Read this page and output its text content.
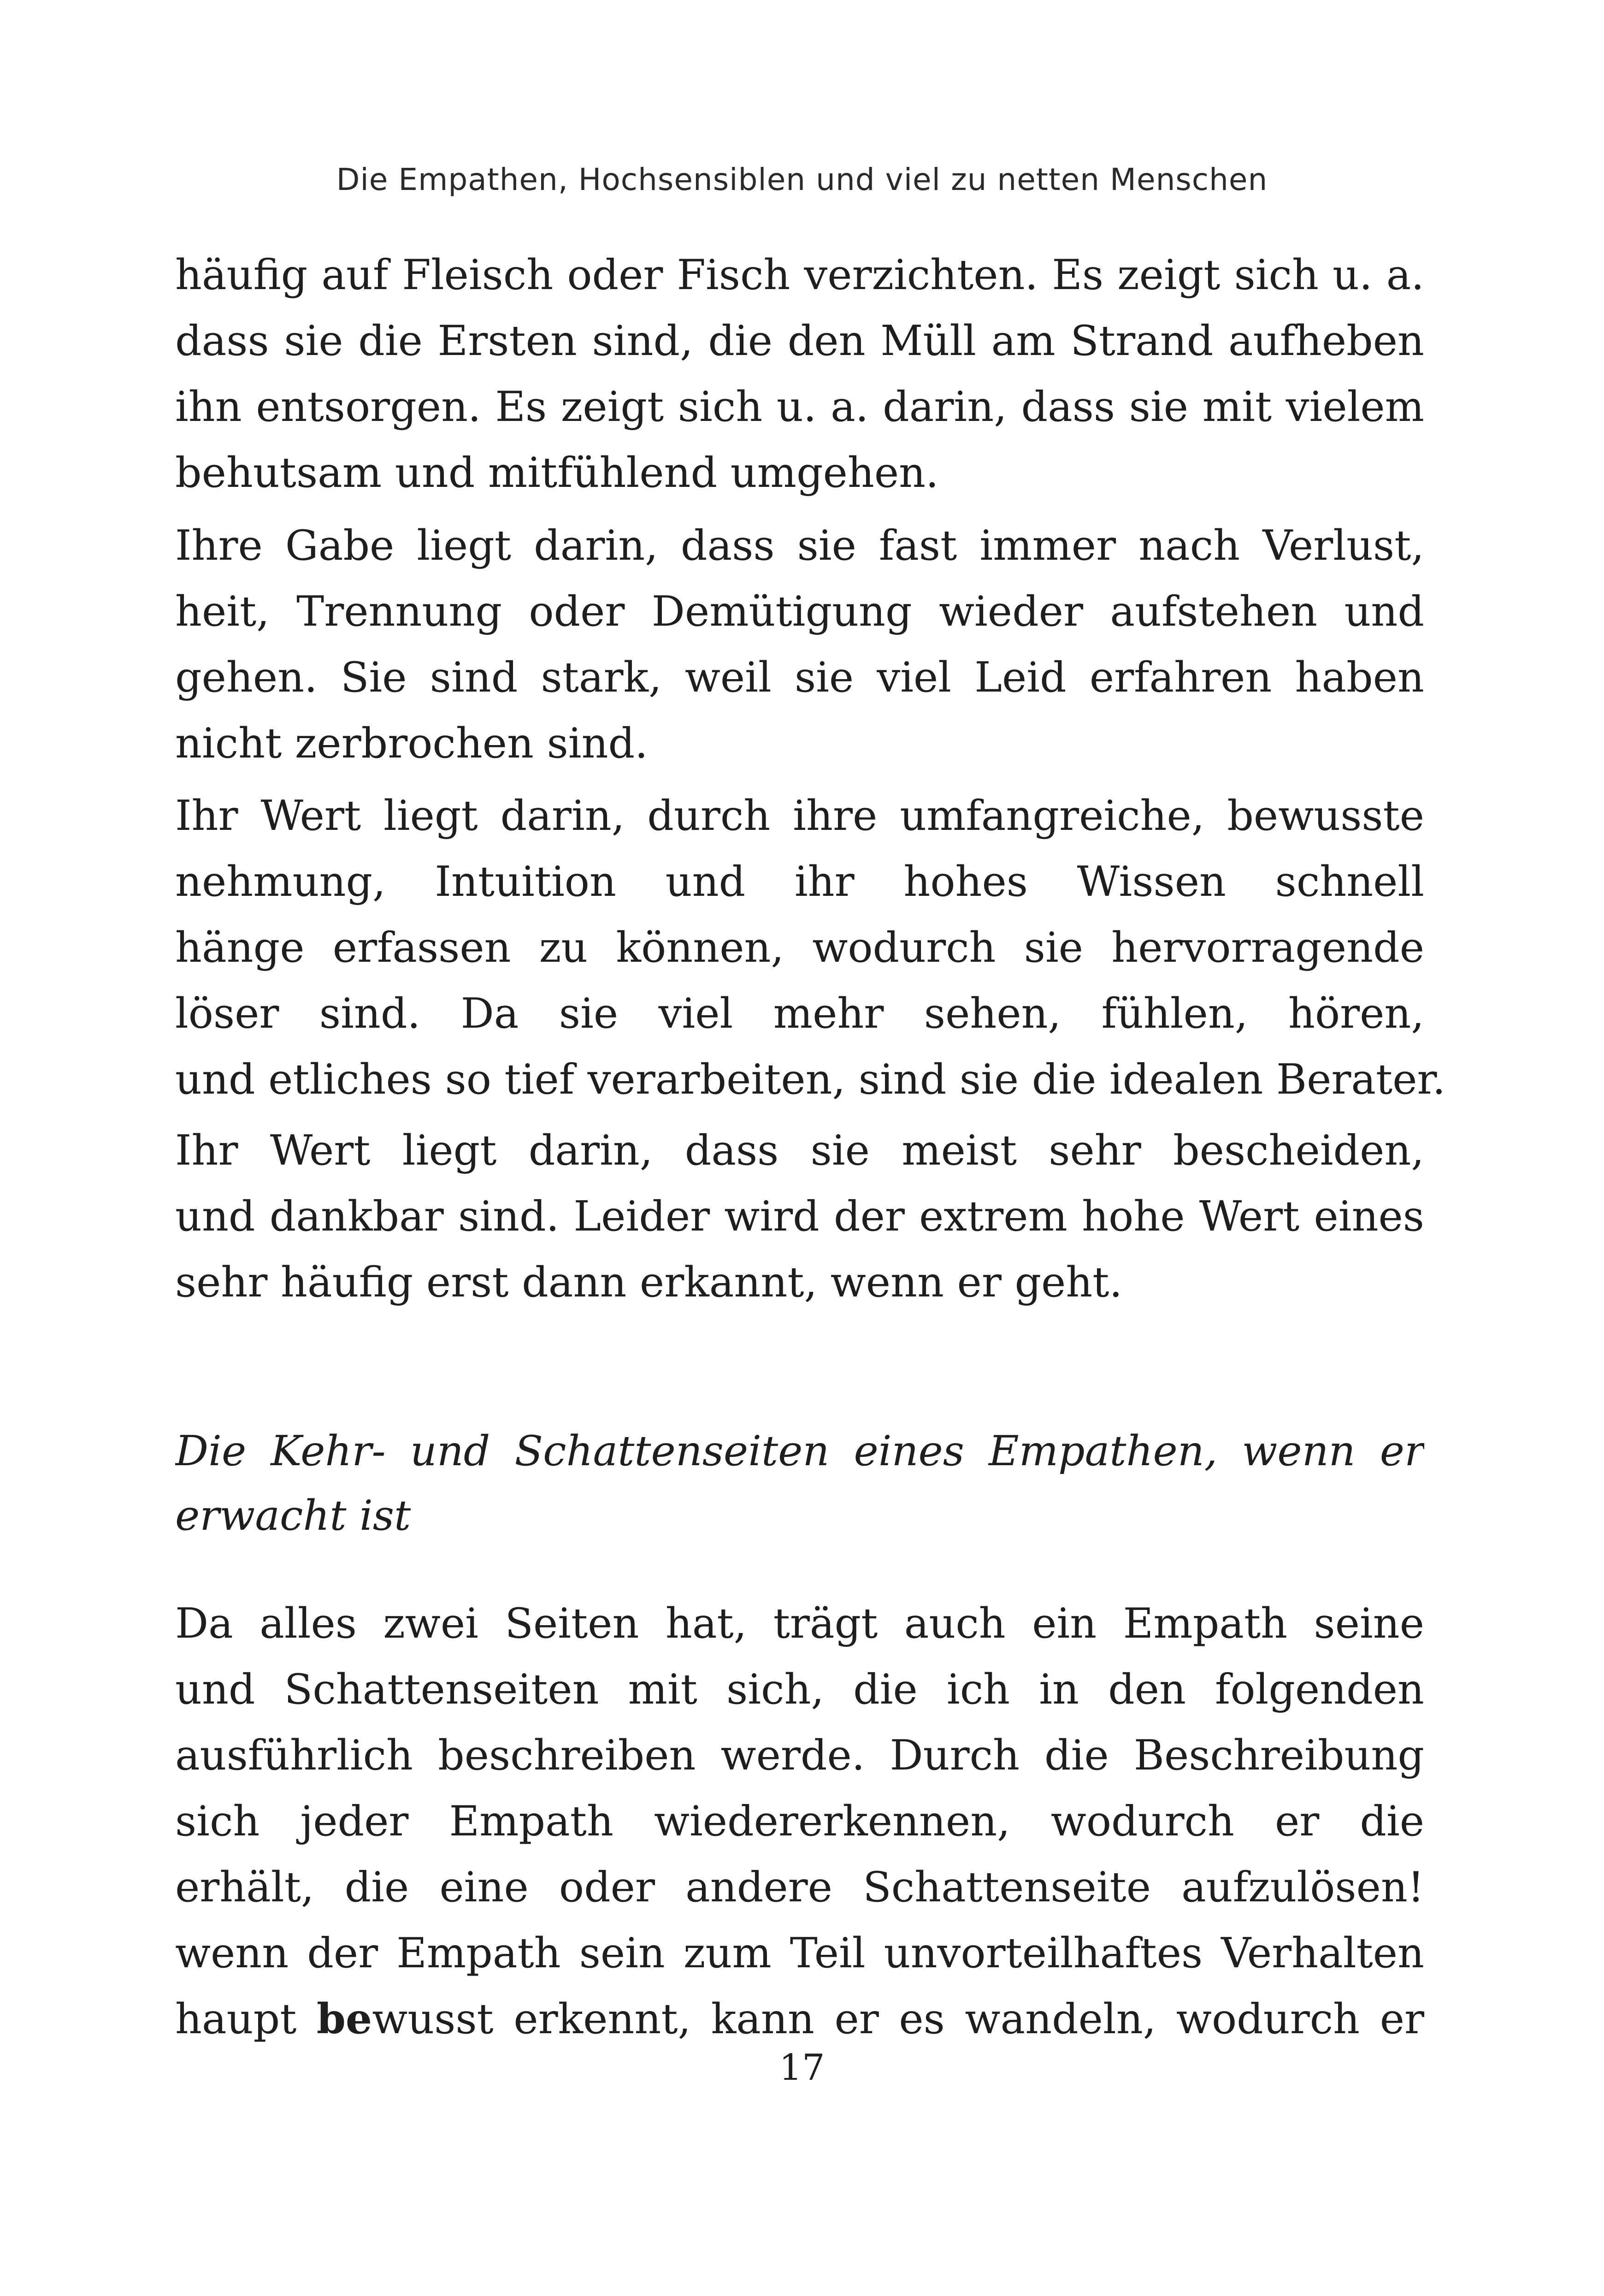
Die Empathen, Hochsensiblen und viel zu netten Menschen
häufig auf Fleisch oder Fisch verzichten. Es zeigt sich u. a.
dass sie die Ersten sind, die den Müll am Strand aufheben
ihn entsorgen. Es zeigt sich u. a. darin, dass sie mit vielem
behutsam und mitfühlend umgehen.
Ihre Gabe liegt darin, dass sie fast immer nach Verlust,
heit, Trennung oder Demütigung wieder aufstehen und
gehen. Sie sind stark, weil sie viel Leid erfahren haben
nicht zerbrochen sind.
Ihr Wert liegt darin, durch ihre umfangreiche, bewusste
nehmung, Intuition und ihr hohes Wissen schnell
hänge erfassen zu können, wodurch sie hervorragende
löser sind. Da sie viel mehr sehen, fühlen, hören,
und etliches so tief verarbeiten, sind sie die idealen Berater.
Ihr Wert liegt darin, dass sie meist sehr bescheiden,
und dankbar sind. Leider wird der extrem hohe Wert eines
sehr häufig erst dann erkannt, wenn er geht.
Die Kehr- und Schattenseiten eines Empathen, wenn er
erwacht ist
Da alles zwei Seiten hat, trägt auch ein Empath seine
und Schattenseiten mit sich, die ich in den folgenden
ausführlich beschreiben werde. Durch die Beschreibung
sich jeder Empath wiedererkennen, wodurch er die
erhält, die eine oder andere Schattenseite aufzulösen!
wenn der Empath sein zum Teil unvorteilhaftes Verhalten
haupt bewusst erkennt, kann er es wandeln, wodurch er
17
